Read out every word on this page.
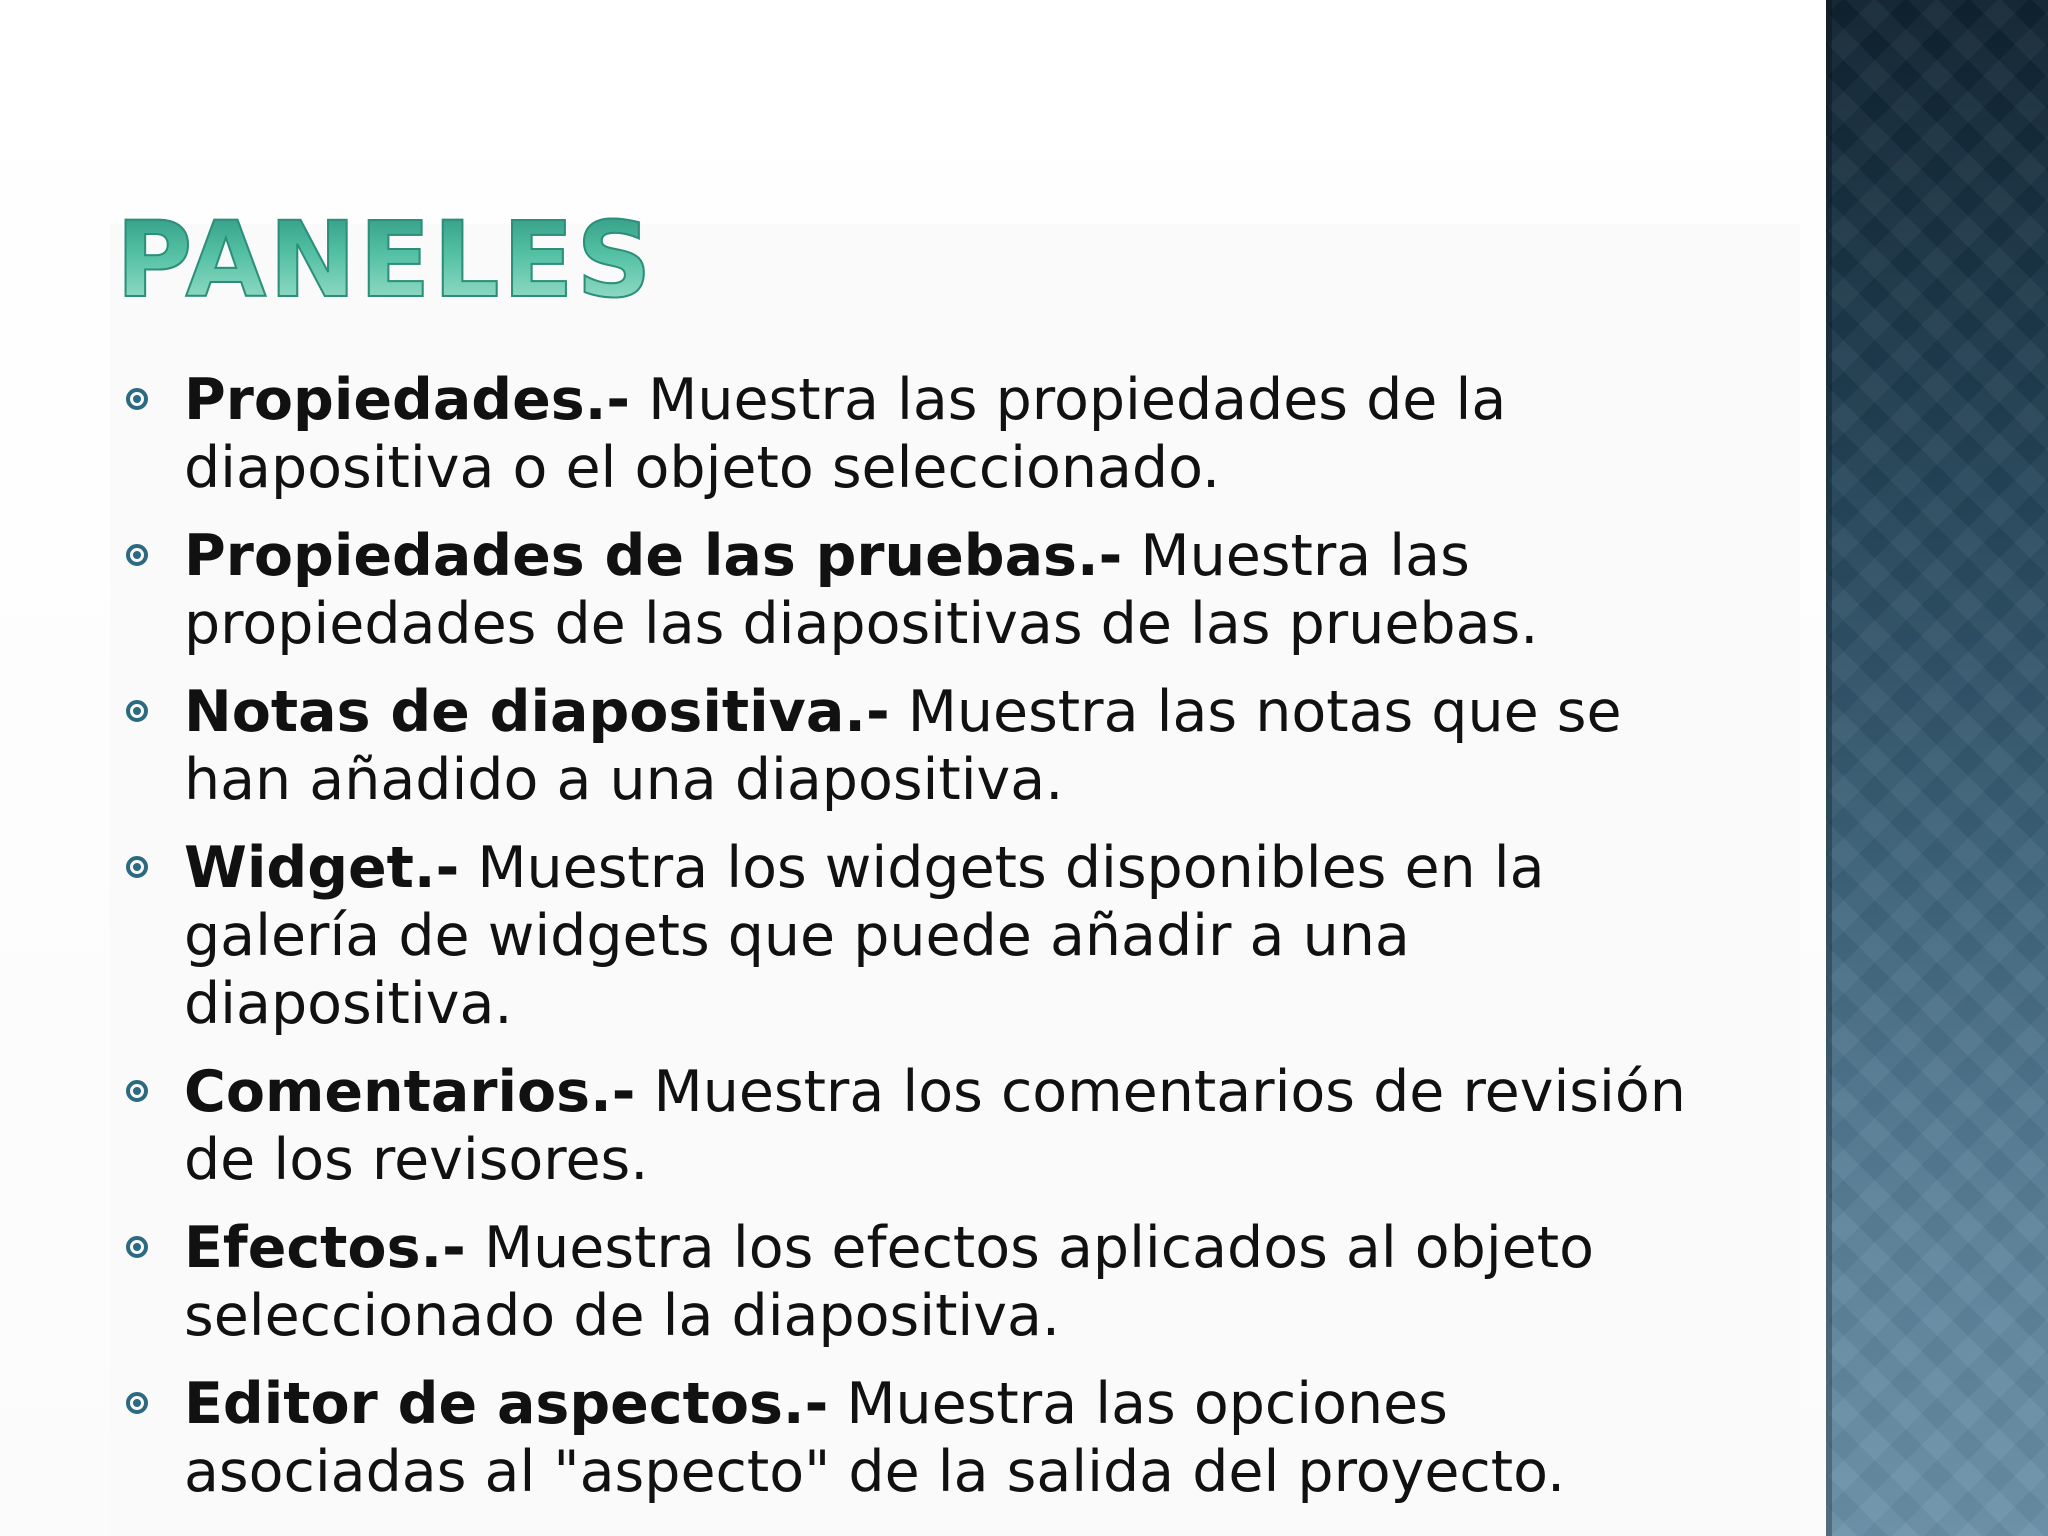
PANELES
Propiedades.- Muestra las propiedades de la diapositiva o el objeto seleccionado.
Propiedades de las pruebas.- Muestra las propiedades de las diapositivas de las pruebas.
Notas de diapositiva.- Muestra las notas que se han añadido a una diapositiva.
Widget.- Muestra los widgets disponibles en la galería de widgets que puede añadir a una diapositiva.
Comentarios.- Muestra los comentarios de revisión de los revisores.
Efectos.- Muestra los efectos aplicados al objeto seleccionado de la diapositiva.
Editor de aspectos.- Muestra las opciones asociadas al "aspecto" de la salida del proyecto.
